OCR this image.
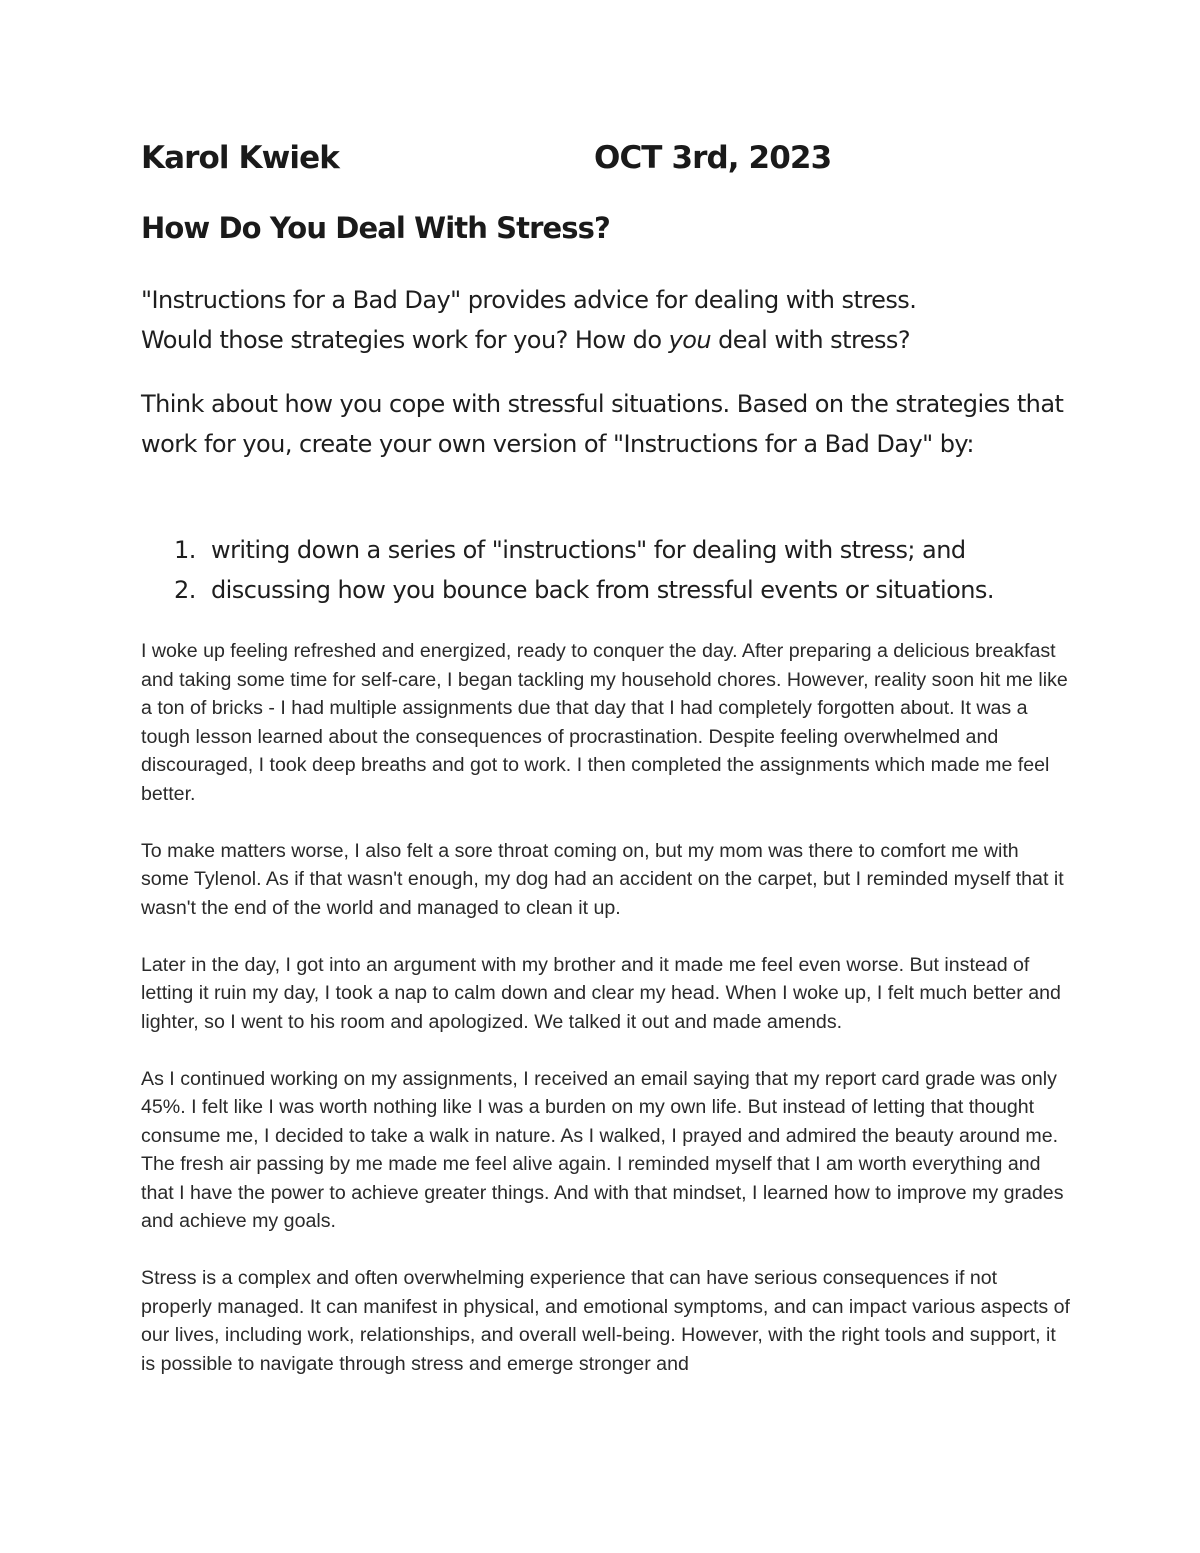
Karol Kwiek	OCT 3rd, 2023
How Do You Deal With Stress?

"Instructions for a Bad Day" provides advice for dealing with stress.
Would those strategies work for you? How do you deal with stress?

Think about how you cope with stressful situations. Based on the strategies that work for you, create your own version of "Instructions for a Bad Day" by:

1. writing down a series of "instructions" for dealing with stress; and
2. discussing how you bounce back from stressful events or situations.

I woke up feeling refreshed and energized, ready to conquer the day. After preparing a delicious breakfast and taking some time for self-care, I began tackling my household chores. However, reality soon hit me like a ton of bricks - I had multiple assignments due that day that I had completely forgotten about. It was a tough lesson learned about the consequences of procrastination. Despite feeling overwhelmed and discouraged, I took deep breaths and got to work. I then completed the assignments which made me feel better.

To make matters worse, I also felt a sore throat coming on, but my mom was there to comfort me with some Tylenol. As if that wasn't enough, my dog had an accident on the carpet, but I reminded myself that it wasn't the end of the world and managed to clean it up.

Later in the day, I got into an argument with my brother and it made me feel even worse. But instead of letting it ruin my day, I took a nap to calm down and clear my head. When I woke up, I felt much better and lighter, so I went to his room and apologized. We talked it out and made amends.

As I continued working on my assignments, I received an email saying that my report card grade was only 45%. I felt like I was worth nothing like I was a burden on my own life. But instead of letting that thought consume me, I decided to take a walk in nature. As I walked, I prayed and admired the beauty around me. The fresh air passing by me made me feel alive again. I reminded myself that I am worth everything and that I have the power to achieve greater things. And with that mindset, I learned how to improve my grades and achieve my goals.

Stress is a complex and often overwhelming experience that can have serious consequences if not properly managed. It can manifest in physical, and emotional symptoms, and can impact various aspects of our lives, including work, relationships, and overall well-being. However, with the right tools and support, it is possible to navigate through stress and emerge stronger and
